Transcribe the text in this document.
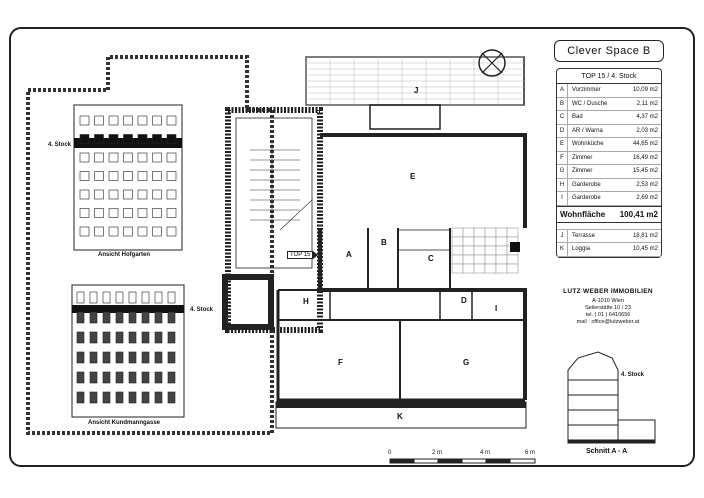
Ansicht Hofgarten
Ansicht Kundmanngasse
4. Stock
4. Stock
4. Stock
Schnitt A - A
TOP 15
J
E
A
B
C
D
H
I
F	G
K
0	2 m	4 m	6 m
Clever Space B
TOP 15 / 4. Stock
A	Vorzimmer	10,09 m2
B	WC / Dusche	2,11 m2
C	Bad	4,37 m2
D	AR / Warna	2,03 m2
E	Wohnküche	44,65 m2
F	Zimmer	16,49 m2
G	Zimmer	15,45 m2
H	Garderobe	2,53 m2
I	Garderobe	2,69 m2
Wohnfläche 100,41 m2
J	Terrasse	18,81 m2
K	Loggia	10,45 m2
LUTZ WEBER IMMOBILIEN
A-1010 Wien
Seilerstätte 10 / 23
tel. ( 01 ) 6410656
mail : office@lutzweber.at
